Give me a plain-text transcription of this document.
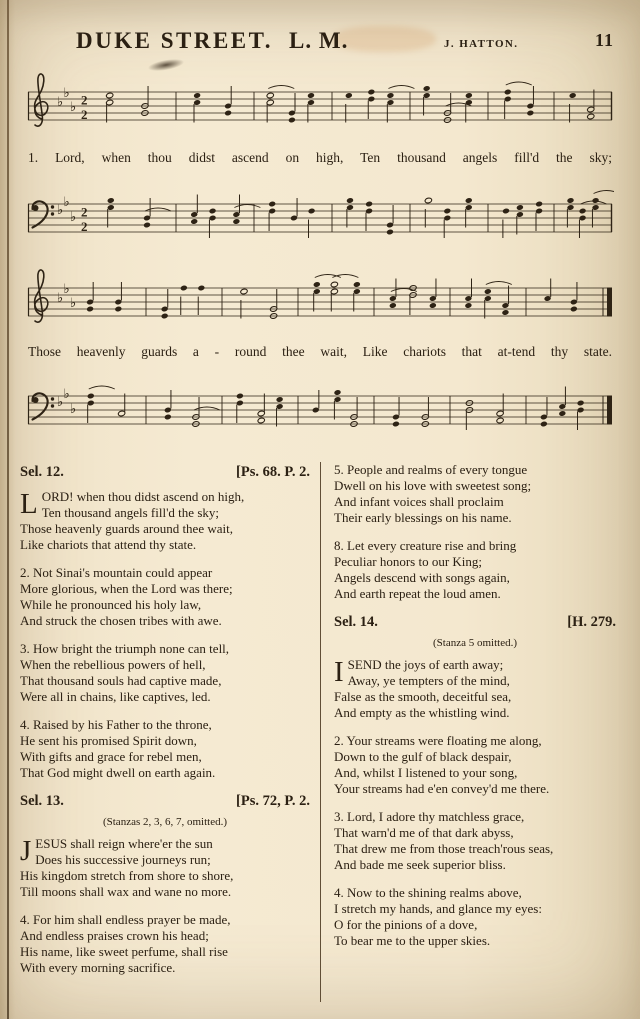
DUKE STREET. L. M.	J. HATTON.	11
♭
♭
♭ 2
2
1. Lord, when thou didst ascend on high, Ten thousand angels fill'd the sky;
♭
♭
♭ 2
2
♭
♭
♭
Those heavenly guards a - round thee wait, Like chariots that at-tend thy state.
♭
♭
♭
Sel. 12.	[Ps. 68. P. 2.
L ORD! when thou didst ascend on high,
Ten thousand angels fill'd the sky;
Those heavenly guards around thee wait,
Like chariots that attend thy state.
2. Not Sinai's mountain could appear
More glorious, when the Lord was there;
While he pronounced his holy law,
And struck the chosen tribes with awe.
3. How bright the triumph none can tell,
When the rebellious powers of hell,
That thousand souls had captive made,
Were all in chains, like captives, led.
4. Raised by his Father to the throne,
He sent his promised Spirit down,
With gifts and grace for rebel men,
That God might dwell on earth again.
Sel. 13.	[Ps. 72, P. 2.
(Stanzas 2, 3, 6, 7, omitted.)
J ESUS shall reign where'er the sun
Does his successive journeys run;
His kingdom stretch from shore to shore,
Till moons shall wax and wane no more.
4. For him shall endless prayer be made,
And endless praises crown his head;
His name, like sweet perfume, shall rise
With every morning sacrifice.
5. People and realms of every tongue
Dwell on his love with sweetest song;
And infant voices shall proclaim
Their early blessings on his name.
8. Let every creature rise and bring
Peculiar honors to our King;
Angels descend with songs again,
And earth repeat the loud amen.
Sel. 14.	[H. 279.
(Stanza 5 omitted.)
I SEND the joys of earth away;
Away, ye tempters of the mind,
False as the smooth, deceitful sea,
And empty as the whistling wind.
2. Your streams were floating me along,
Down to the gulf of black despair,
And, whilst I listened to your song,
Your streams had e'en convey'd me there.
3. Lord, I adore thy matchless grace,
That warn'd me of that dark abyss,
That drew me from those treach'rous seas,
And bade me seek superior bliss.
4. Now to the shining realms above,
I stretch my hands, and glance my eyes:
O for the pinions of a dove,
To bear me to the upper skies.
